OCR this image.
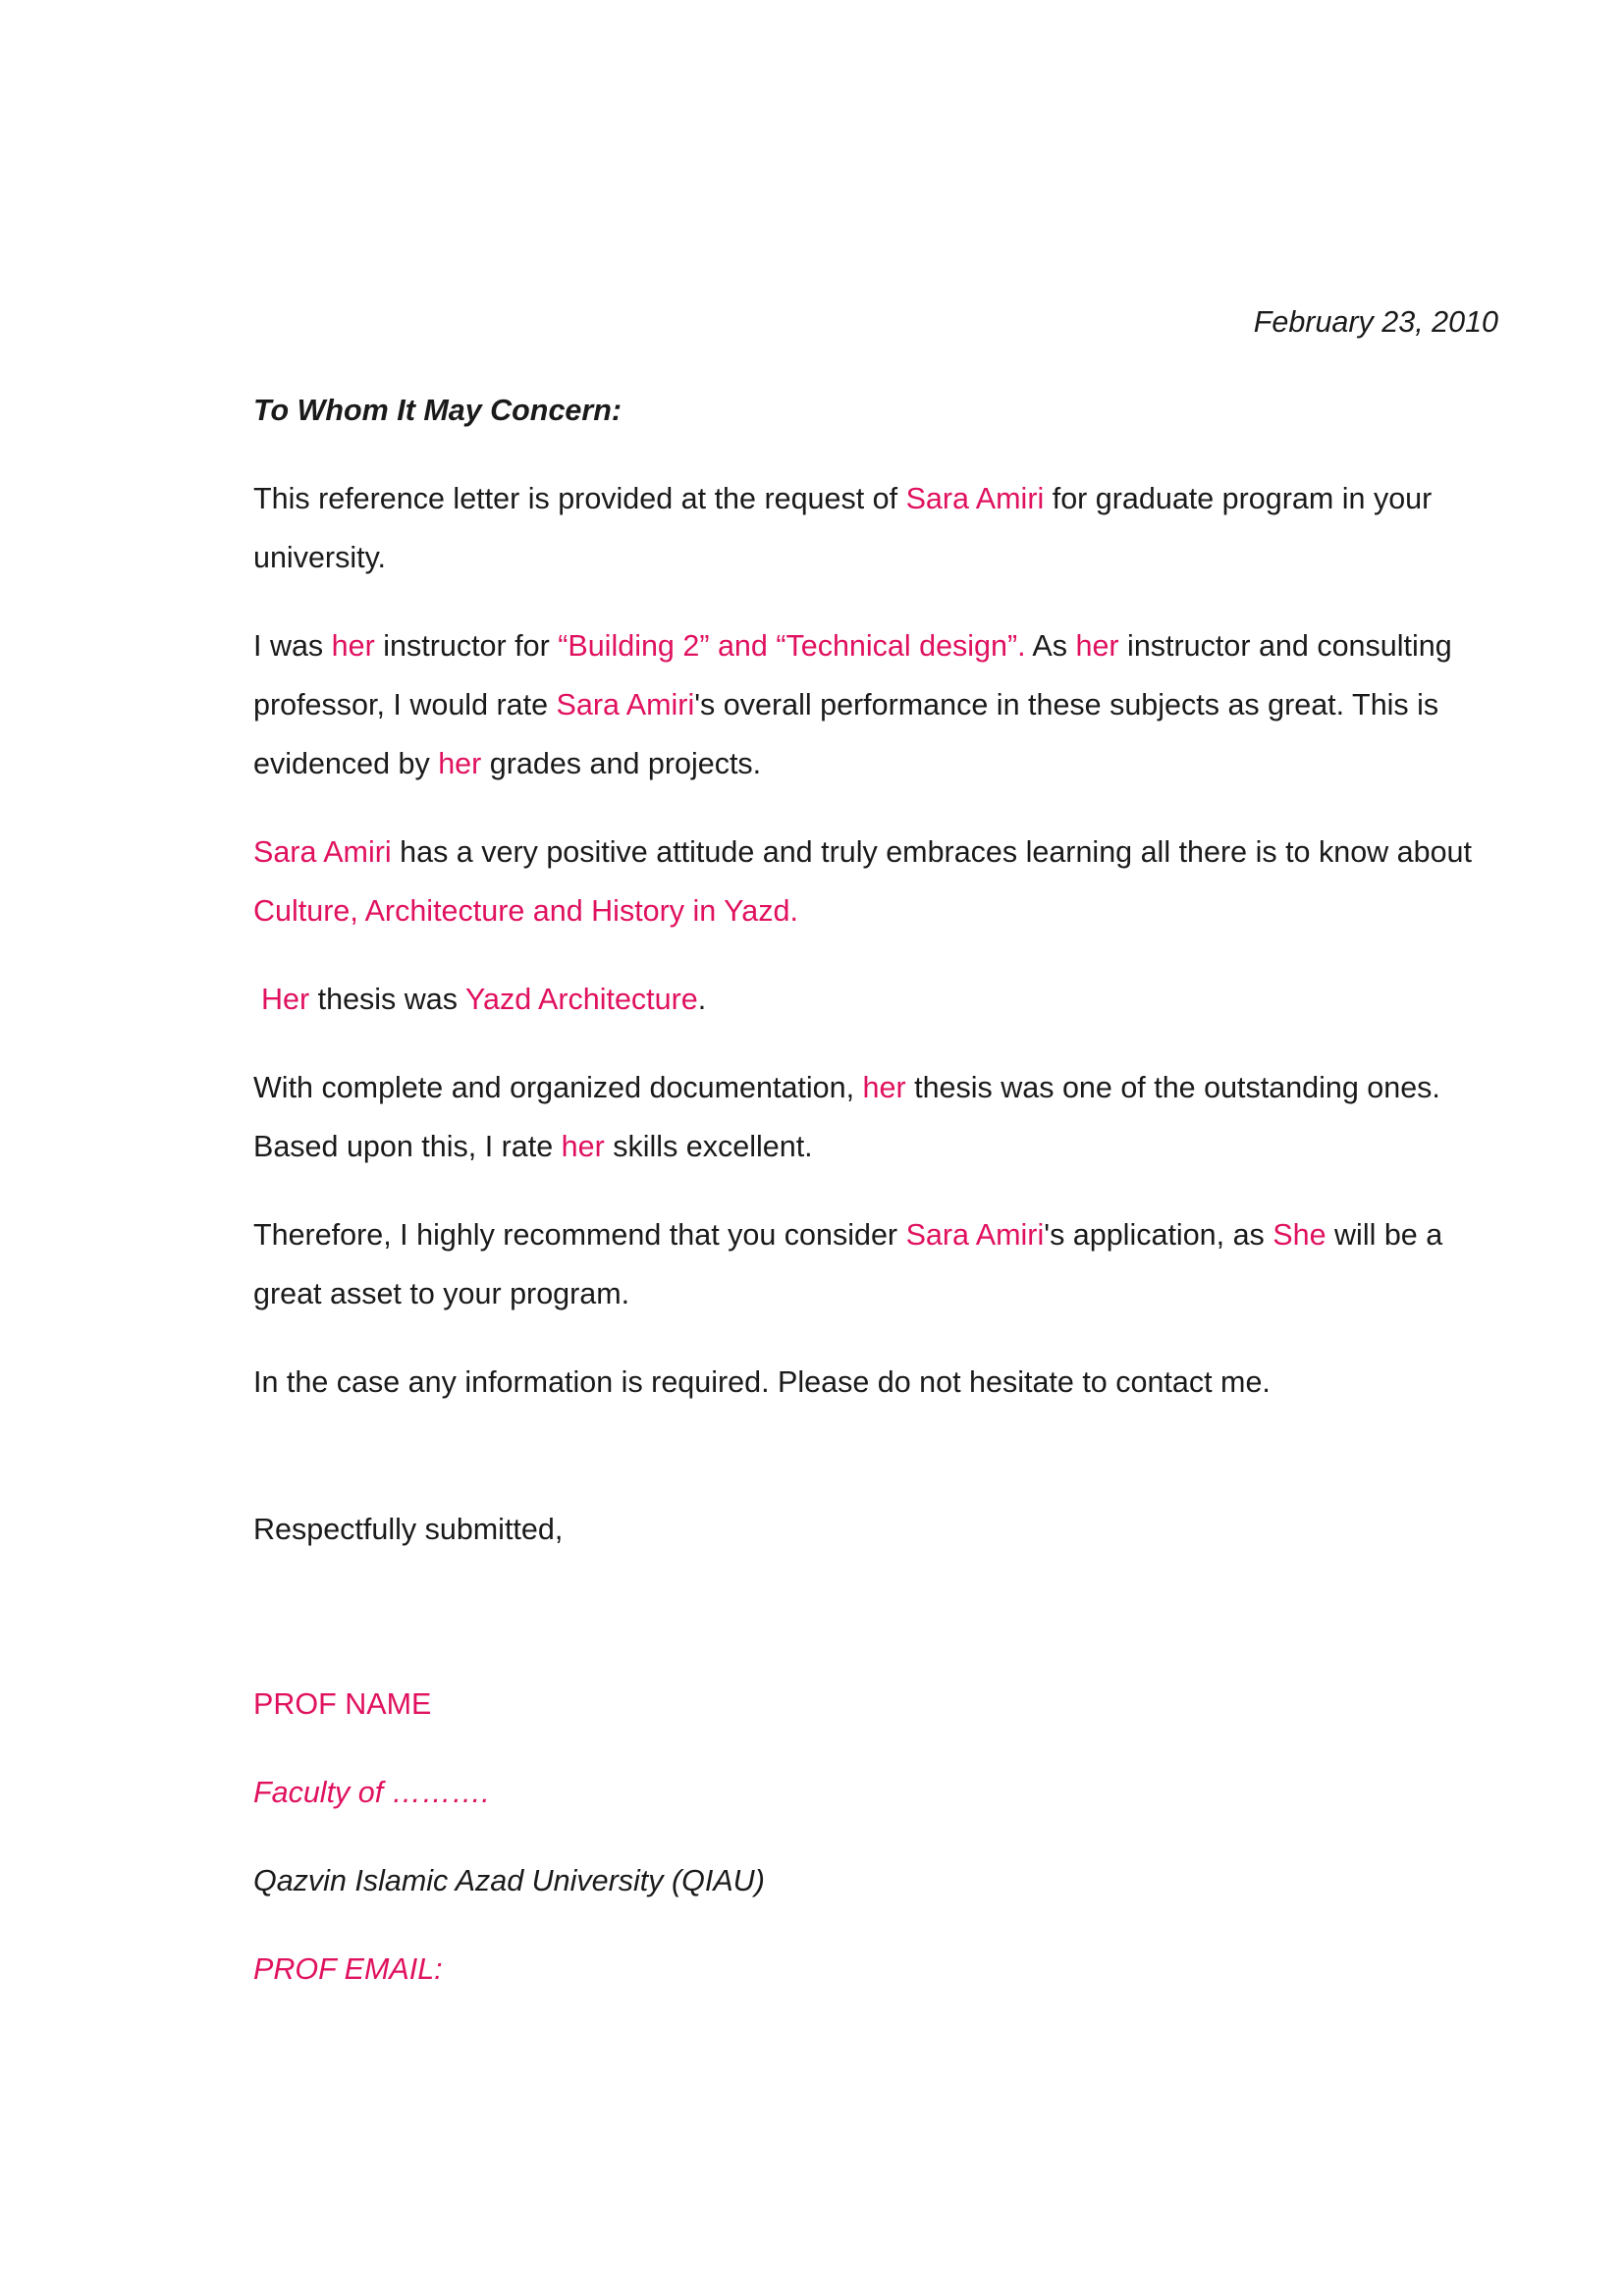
February 23, 2010
To Whom It May Concern:
This reference letter is provided at the request of Sara Amiri for graduate program in your
university.
I was her instructor for “Building 2” and “Technical design”. As her instructor and consulting
professor, I would rate Sara Amiri's overall performance in these subjects as great. This is
evidenced by her grades and projects.
Sara Amiri has a very positive attitude and truly embraces learning all there is to know about
Culture, Architecture and History in Yazd.
Her thesis was Yazd Architecture.
With complete and organized documentation, her thesis was one of the outstanding ones.
Based upon this, I rate her skills excellent.
Therefore, I highly recommend that you consider Sara Amiri's application, as She will be a
great asset to your program.
In the case any information is required. Please do not hesitate to contact me.
Respectfully submitted,
PROF NAME
Faculty of ……….
Qazvin Islamic Azad University (QIAU)
PROF EMAIL:
